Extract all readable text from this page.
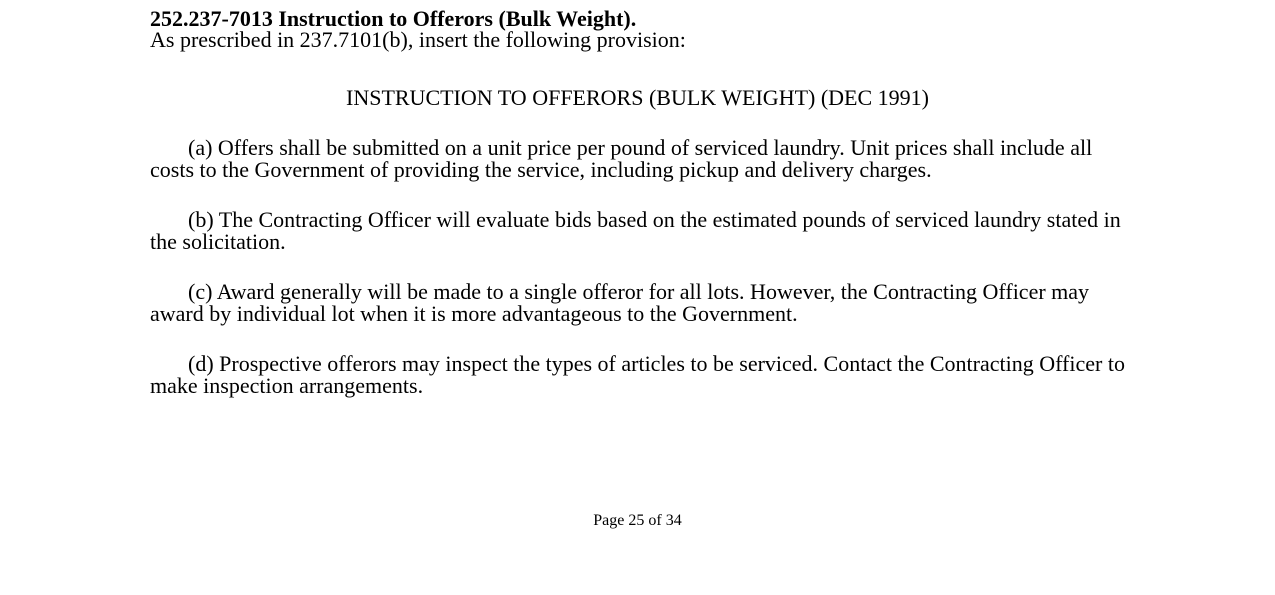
252.237-7013 Instruction to Offerors (Bulk Weight).

As prescribed in 237.7101(b), insert the following provision:

INSTRUCTION TO OFFERORS (BULK WEIGHT) (DEC 1991)

(a) Offers shall be submitted on a unit price per pound of serviced laundry. Unit prices shall include all costs to the Government of providing the service, including pickup and delivery charges.

(b) The Contracting Officer will evaluate bids based on the estimated pounds of serviced laundry stated in the solicitation.

(c) Award generally will be made to a single offeror for all lots. However, the Contracting Officer may award by individual lot when it is more advantageous to the Government.

(d) Prospective offerors may inspect the types of articles to be serviced. Contact the Contracting Officer to make inspection arrangements.

Page 25 of 34
